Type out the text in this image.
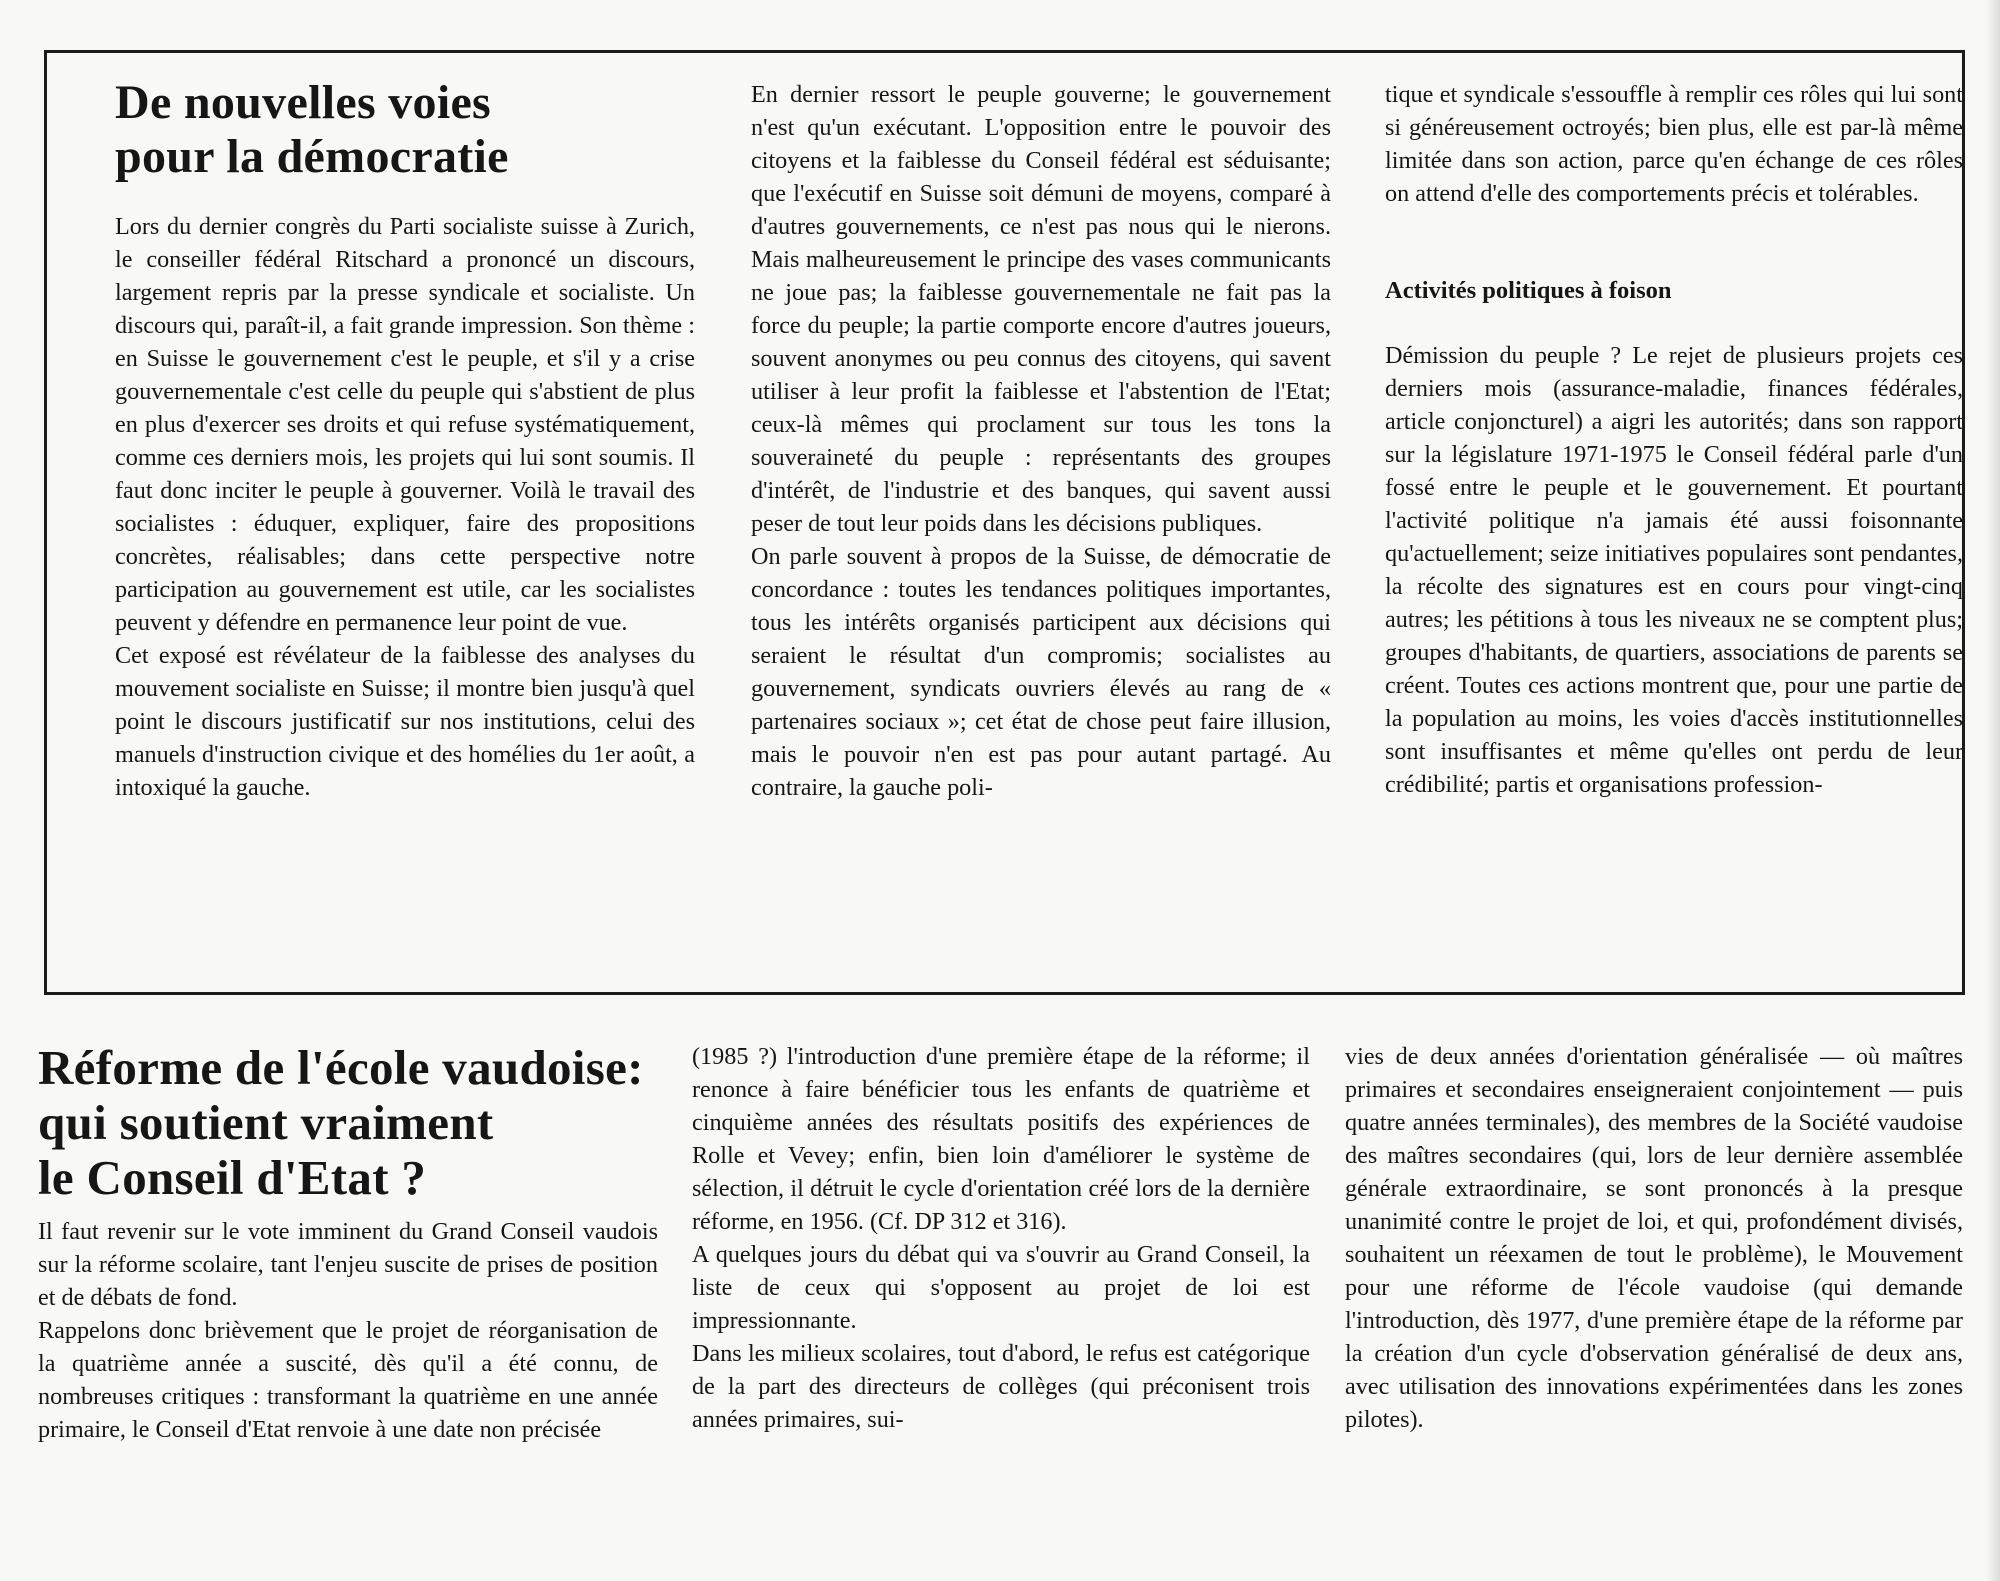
De nouvelles voies
pour la démocratie

Lors du dernier congrès du Parti socialiste suisse à Zurich, le conseiller fédéral Ritschard a prononcé un discours, largement repris par la presse syndicale et socialiste. Un discours qui, paraît-il, a fait grande impression. Son thème : en Suisse le gouvernement c'est le peuple, et s'il y a crise gouvernementale c'est celle du peuple qui s'abstient de plus en plus d'exercer ses droits et qui refuse systématiquement, comme ces derniers mois, les projets qui lui sont soumis. Il faut donc inciter le peuple à gouverner. Voilà le travail des socialistes : éduquer, expliquer, faire des propositions concrètes, réalisables; dans cette perspective notre participation au gouvernement est utile, car les socialistes peuvent y défendre en permanence leur point de vue.

Cet exposé est révélateur de la faiblesse des analyses du mouvement socialiste en Suisse; il montre bien jusqu'à quel point le discours justificatif sur nos institutions, celui des manuels d'instruction civique et des homélies du 1er août, a intoxiqué la gauche.

En dernier ressort le peuple gouverne; le gouvernement n'est qu'un exécutant. L'opposition entre le pouvoir des citoyens et la faiblesse du Conseil fédéral est séduisante; que l'exécutif en Suisse soit démuni de moyens, comparé à d'autres gouvernements, ce n'est pas nous qui le nierons. Mais malheureusement le principe des vases communicants ne joue pas; la faiblesse gouvernementale ne fait pas la force du peuple; la partie comporte encore d'autres joueurs, souvent anonymes ou peu connus des citoyens, qui savent utiliser à leur profit la faiblesse et l'abstention de l'Etat; ceux-là mêmes qui proclament sur tous les tons la souveraineté du peuple : représentants des groupes d'intérêt, de l'industrie et des banques, qui savent aussi peser de tout leur poids dans les décisions publiques.

On parle souvent à propos de la Suisse, de démocratie de concordance : toutes les tendances politiques importantes, tous les intérêts organisés participent aux décisions qui seraient le résultat d'un compromis; socialistes au gouvernement, syndicats ouvriers élevés au rang de « partenaires sociaux »; cet état de chose peut faire illusion, mais le pouvoir n'en est pas pour autant partagé. Au contraire, la gauche poli-

tique et syndicale s'essouffle à remplir ces rôles qui lui sont si généreusement octroyés; bien plus, elle est par-là même limitée dans son action, parce qu'en échange de ces rôles on attend d'elle des comportements précis et tolérables.

Activités politiques à foison

Démission du peuple ? Le rejet de plusieurs projets ces derniers mois (assurance-maladie, finances fédérales, article conjoncturel) a aigri les autorités; dans son rapport sur la législature 1971-1975 le Conseil fédéral parle d'un fossé entre le peuple et le gouvernement. Et pourtant l'activité politique n'a jamais été aussi foisonnante qu'actuellement; seize initiatives populaires sont pendantes, la récolte des signatures est en cours pour vingt-cinq autres; les pétitions à tous les niveaux ne se comptent plus; groupes d'habitants, de quartiers, associations de parents se créent. Toutes ces actions montrent que, pour une partie de la population au moins, les voies d'accès institutionnelles sont insuffisantes et même qu'elles ont perdu de leur crédibilité; partis et organisations profession-

Réforme de l'école vaudoise:
qui soutient vraiment
le Conseil d'Etat ?

Il faut revenir sur le vote imminent du Grand Conseil vaudois sur la réforme scolaire, tant l'enjeu suscite de prises de position et de débats de fond.

Rappelons donc brièvement que le projet de réorganisation de la quatrième année a suscité, dès qu'il a été connu, de nombreuses critiques : transformant la quatrième en une année primaire, le Conseil d'Etat renvoie à une date non précisée

(1985 ?) l'introduction d'une première étape de la réforme; il renonce à faire bénéficier tous les enfants de quatrième et cinquième années des résultats positifs des expériences de Rolle et Vevey; enfin, bien loin d'améliorer le système de sélection, il détruit le cycle d'orientation créé lors de la dernière réforme, en 1956. (Cf. DP 312 et 316).

A quelques jours du débat qui va s'ouvrir au Grand Conseil, la liste de ceux qui s'opposent au projet de loi est impressionnante.

Dans les milieux scolaires, tout d'abord, le refus est catégorique de la part des directeurs de collèges (qui préconisent trois années primaires, sui-

vies de deux années d'orientation généralisée — où maîtres primaires et secondaires enseigneraient conjointement — puis quatre années terminales), des membres de la Société vaudoise des maîtres secondaires (qui, lors de leur dernière assemblée générale extraordinaire, se sont prononcés à la presque unanimité contre le projet de loi, et qui, profondément divisés, souhaitent un réexamen de tout le problème), le Mouvement pour une réforme de l'école vaudoise (qui demande l'introduction, dès 1977, d'une première étape de la réforme par la création d'un cycle d'observation généralisé de deux ans, avec utilisation des innovations expérimentées dans les zones pilotes).
